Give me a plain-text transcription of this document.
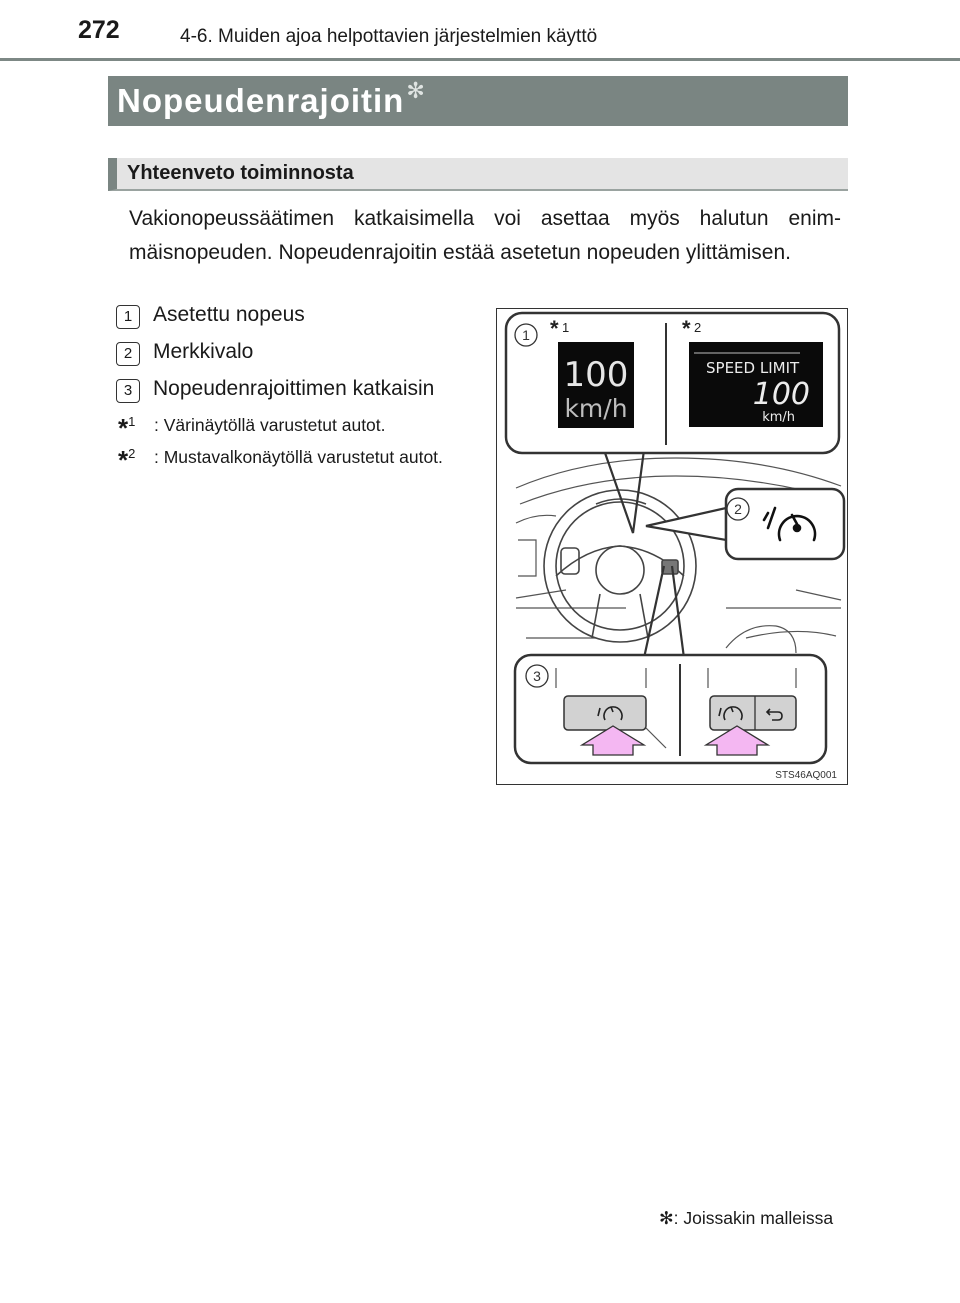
272	4-6. Muiden ajoa helpottavien järjestelmien käyttö
Nopeudenrajoitin✻
Yhteenveto toiminnosta
Vakionopeussäätimen katkaisimella voi asettaa myös halutun enimmäisnopeuden. Nopeudenrajoitin estää asetetun nopeuden ylittämisen.
1 Asetettu nopeus
2 Merkkivalo
3 Nopeudenrajoittimen katkaisin
*$^1$ : Värinäytöllä varustetut autot.
*$^2$ : Mustavalkonäytöllä varustetut autot.
1 * 1	* 2
100
km/h
SPEED LIMIT
100
km/h
2
3
STS46AQ001
✻: Joissakin malleissa
